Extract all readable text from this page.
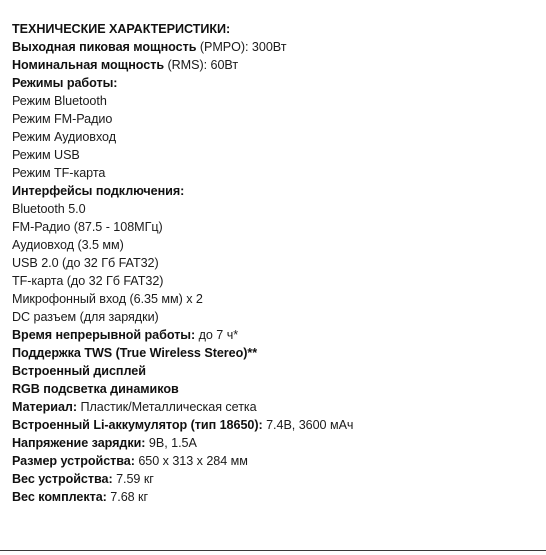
ТЕХНИЧЕСКИЕ ХАРАКТЕРИСТИКИ:
Выходная пиковая мощность (PMPO): 300Вт
Номинальная мощность (RMS): 60Вт
Режимы работы:
Режим Bluetooth
Режим FM-Радио
Режим Аудиовход
Режим USB
Режим TF-карта
Интерфейсы подключения:
Bluetooth 5.0
FM-Радио (87.5 - 108МГц)
Аудиовход (3.5 мм)
USB 2.0 (до 32 Гб FAT32)
TF-карта (до 32 Гб FAT32)
Микрофонный вход (6.35 мм) x 2
DC разъем (для зарядки)
Время непрерывной работы: до 7 ч*
Поддержка TWS (True Wireless Stereo)**
Встроенный дисплей
RGB подсветка динамиков
Материал: Пластик/Металлическая сетка
Встроенный Li-аккумулятор (тип 18650): 7.4В, 3600 мАч
Напряжение зарядки: 9В, 1.5А
Размер устройства: 650 x 313 x 284 мм
Вес устройства: 7.59 кг
Вес комплекта: 7.68 кг
